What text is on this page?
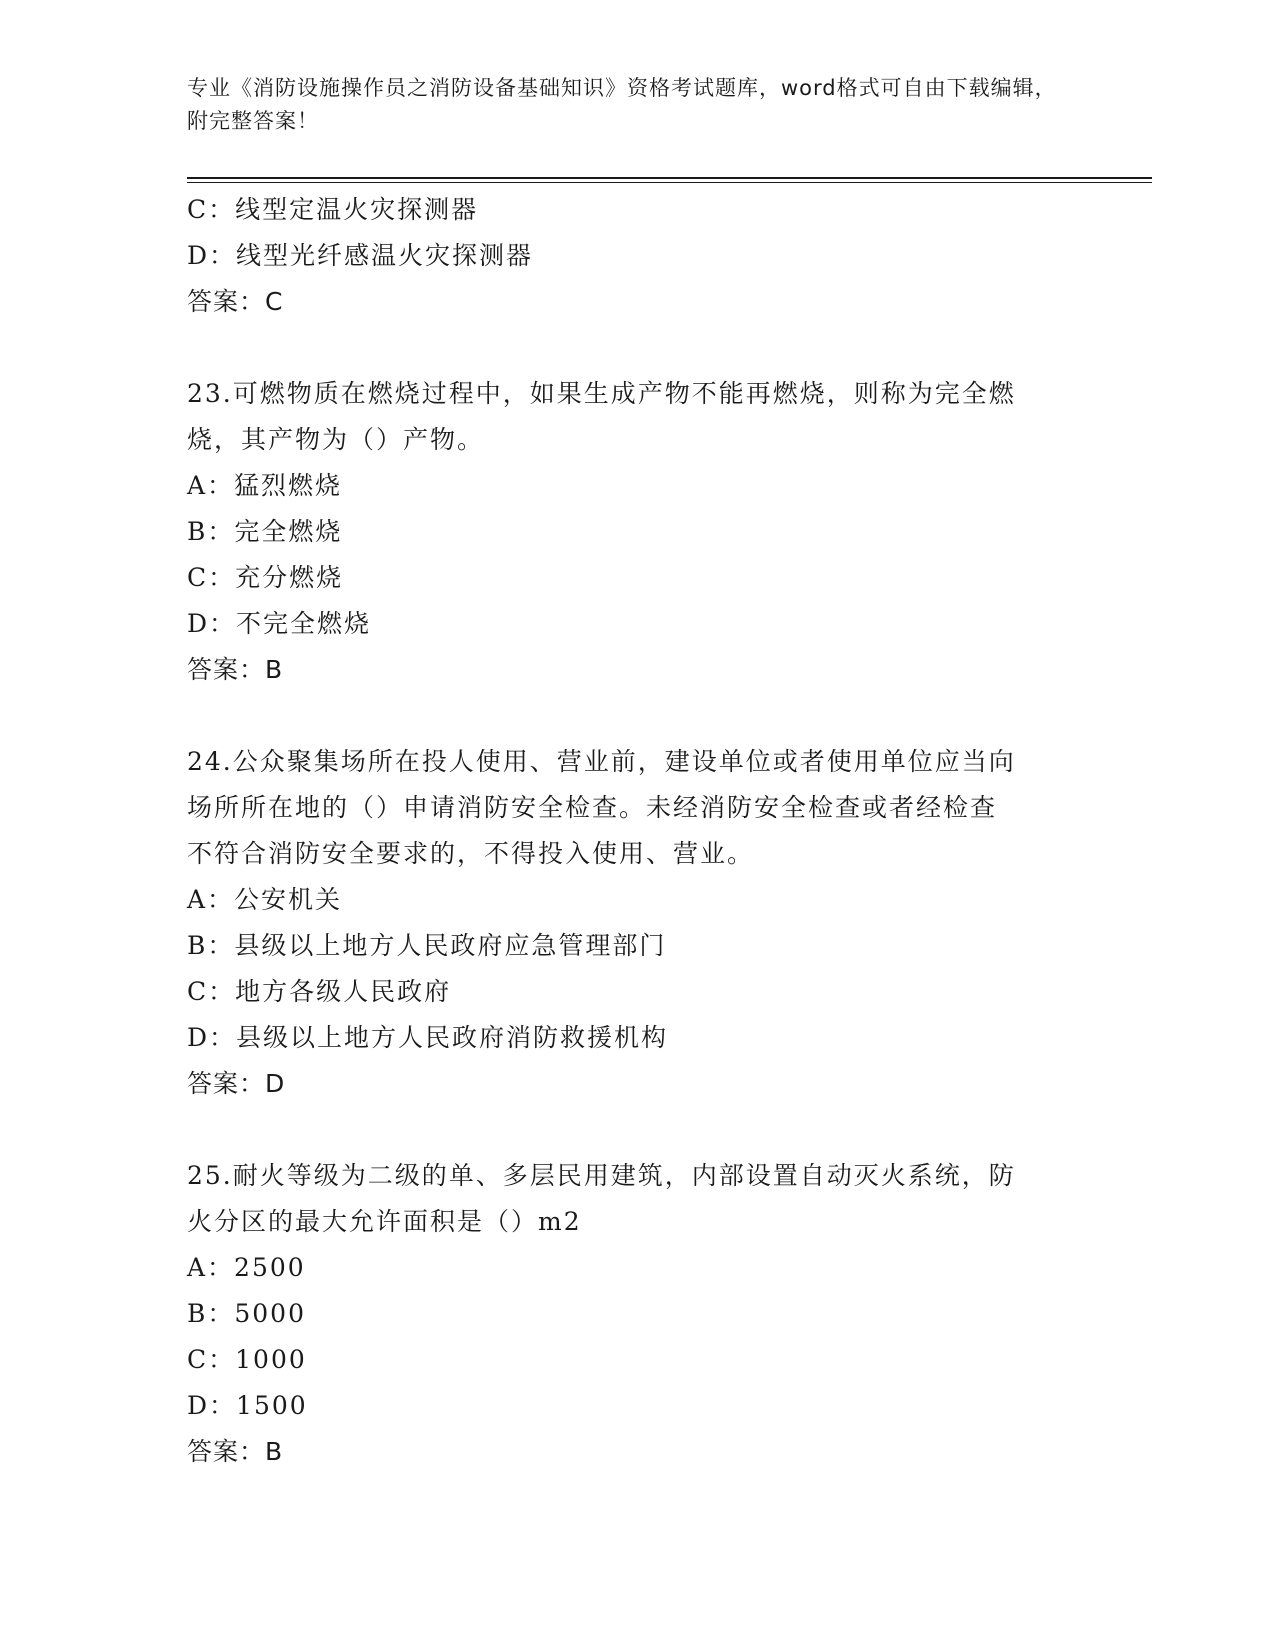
专业《消防设施操作员之消防设备基础知识》资格考试题库，word格式可自由下载编辑，附完整答案！
C：线型定温火灾探测器
D：线型光纤感温火灾探测器
答案：C
23.可燃物质在燃烧过程中，如果生成产物不能再燃烧，则称为完全燃
烧，其产物为（）产物。
A：猛烈燃烧
B：完全燃烧
C：充分燃烧
D：不完全燃烧
答案：B
24.公众聚集场所在投人使用、营业前，建设单位或者使用单位应当向
场所所在地的（）申请消防安全检查。未经消防安全检查或者经检查
不符合消防安全要求的，不得投入使用、营业。
A：公安机关
B：县级以上地方人民政府应急管理部门
C：地方各级人民政府
D：县级以上地方人民政府消防救援机构
答案：D
25.耐火等级为二级的单、多层民用建筑，内部设置自动灭火系统，防
火分区的最大允许面积是（）m2
A：2500
B：5000
C：1000
D：1500
答案：B
